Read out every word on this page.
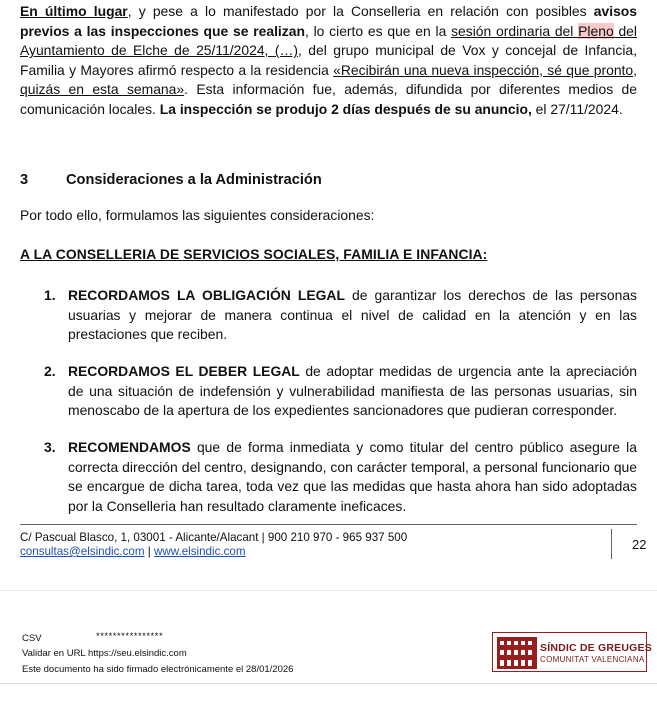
En último lugar, y pese a lo manifestado por la Conselleria en relación con posibles avisos previos a las inspecciones que se realizan, lo cierto es que en la sesión ordinaria del Pleno del Ayuntamiento de Elche de 25/11/2024, (…), del grupo municipal de Vox y concejal de Infancia, Familia y Mayores afirmó respecto a la residencia «Recibirán una nueva inspección, sé que pronto, quizás en esta semana». Esta información fue, además, difundida por diferentes medios de comunicación locales. La inspección se produjo 2 días después de su anuncio, el 27/11/2024.

3	Consideraciones a la Administración
Por todo ello, formulamos las siguientes consideraciones:
A LA CONSELLERIA DE SERVICIOS SOCIALES, FAMILIA E INFANCIA:
1. RECORDAMOS LA OBLIGACIÓN LEGAL de garantizar los derechos de las personas usuarias y mejorar de manera continua el nivel de calidad en la atención y en las prestaciones que reciben.
2. RECORDAMOS EL DEBER LEGAL de adoptar medidas de urgencia ante la apreciación de una situación de indefensión y vulnerabilidad manifiesta de las personas usuarias, sin menoscabo de la apertura de los expedientes sancionadores que pudieran corresponder.
3. RECOMENDAMOS que de forma inmediata y como titular del centro público asegure la correcta dirección del centro, designando, con carácter temporal, a personal funcionario que se encargue de dicha tarea, toda vez que las medidas que hasta ahora han sido adoptadas por la Conselleria han resultado claramente ineficaces.
C/ Pascual Blasco, 1, 03001 - Alicante/Alacant | 900 210 970 - 965 937 500
consultas@elsindic.com | www.elsindic.com	22
CSV	****************
Validar en URL https://seu.elsindic.com
Este documento ha sido firmado electrónicamente el 28/01/2026
SÍNDIC DE GREUGES
COMUNITAT VALENCIANA
